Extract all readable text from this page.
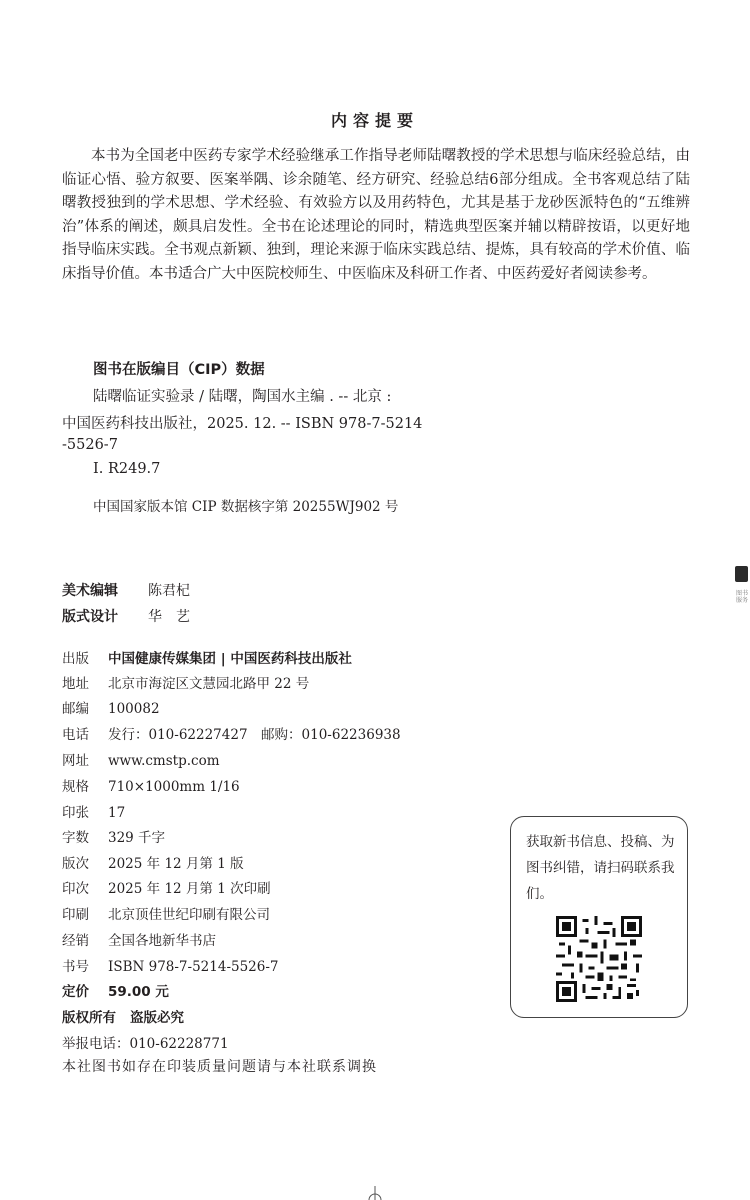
内容提要

本书为全国老中医药专家学术经验继承工作指导老师陆曙教授的学术思想与临床经验总结，由临证心悟、验方叙要、医案举隅、诊余随笔、经方研究、经验总结6部分组成。全书客观总结了陆曙教授独到的学术思想、学术经验、有效验方以及用药特色，尤其是基于龙砂医派特色的“五维辨治”体系的阐述，颇具启发性。全书在论述理论的同时，精选典型医案并辅以精辟按语，以更好地指导临床实践。全书观点新颖、独到，理论来源于临床实践总结、提炼，具有较高的学术价值、临床指导价值。本书适合广大中医院校师生、中医临床及科研工作者、中医药爱好者阅读参考。

图书在版编目（CIP）数据
陆曙临证实验录 / 陆曙，陶国水主编 . -- 北京 :
中国医药科技出版社，2025. 12. -- ISBN 978-7-5214
-5526-7
Ⅰ. R249.7
中国国家版本馆 CIP 数据核字第 20255WJ902 号
美术编辑 陈君杞
版式设计 华　艺
出版 中国健康传媒集团 | 中国医药科技出版社
地址 北京市海淀区文慧园北路甲 22 号
邮编 100082
电话 发行：010-62227427　邮购：010-62236938
网址 www.cmstp.com
规格 710×1000mm 1/16
印张 17
字数 329 千字
版次 2025 年 12 月第 1 版
印次 2025 年 12 月第 1 次印刷
印刷 北京顶佳世纪印刷有限公司
经销 全国各地新华书店
书号 ISBN 978-7-5214-5526-7
定价 59.00 元
版权所有 盗版必究
举报电话：010-62228771
本社图书如存在印装质量问题请与本社联系调换

获取新书信息、投稿、为图书纠错，请扫码联系我们。

图书服务
